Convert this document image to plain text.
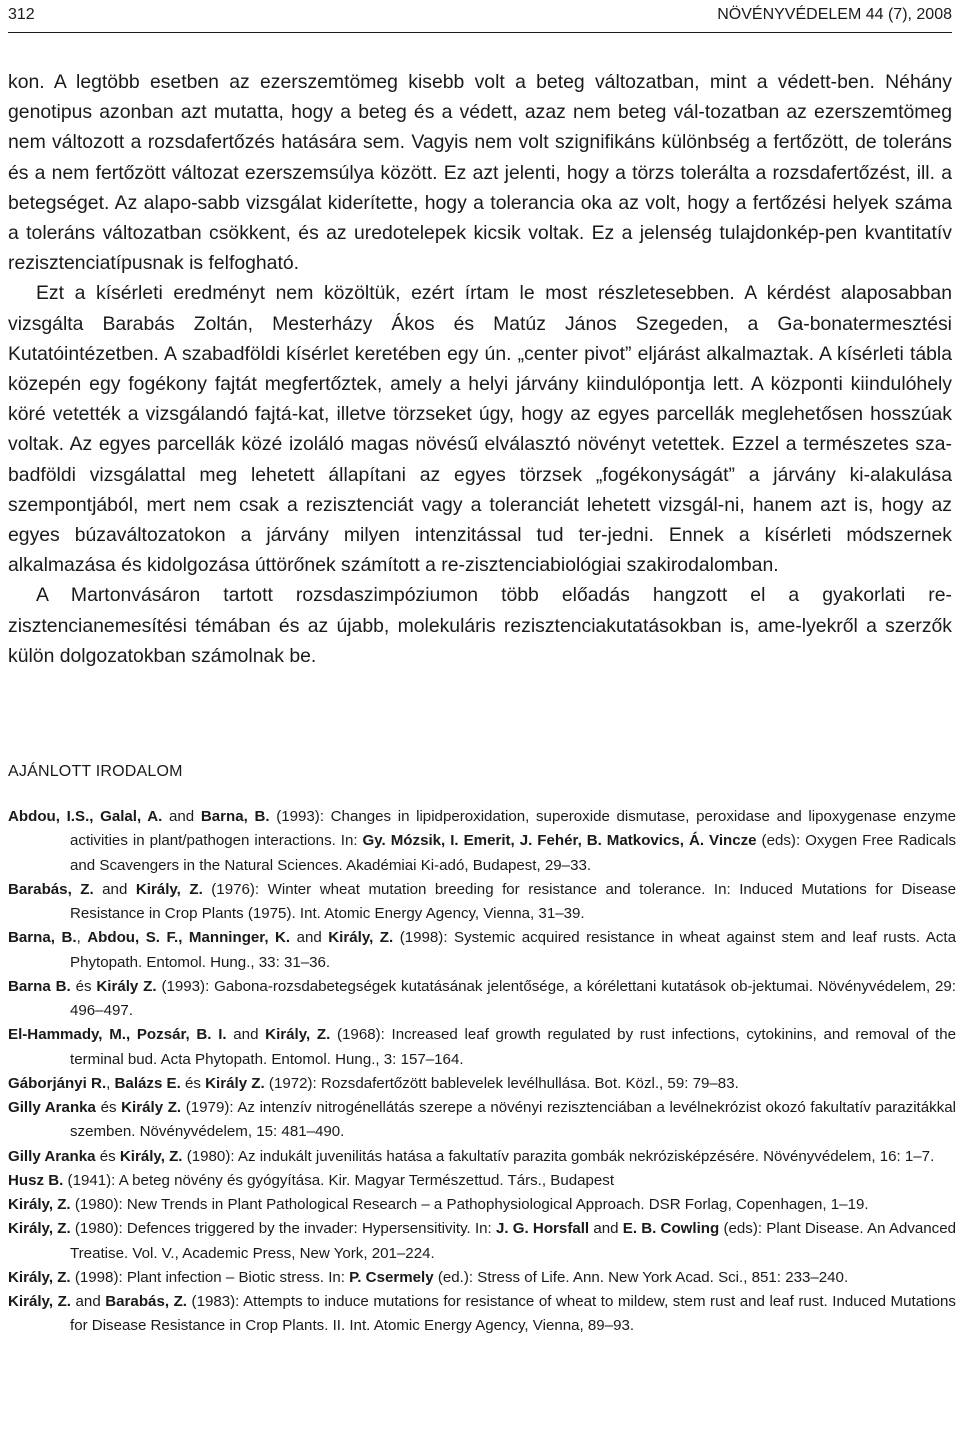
312	NÖVÉNYVÉDELEM 44 (7), 2008

kon. A legtöbb esetben az ezerszemtömeg kisebb volt a beteg változatban, mint a védett-ben. Néhány genotipus azonban azt mutatta, hogy a beteg és a védett, azaz nem beteg vál-tozatban az ezerszemtömeg nem változott a rozsdafertőzés hatására sem. Vagyis nem volt szignifikáns különbség a fertőzött, de toleráns és a nem fertőzött változat ezerszemsúlya között. Ez azt jelenti, hogy a törzs tolerálta a rozsdafertőzést, ill. a betegséget. Az alapo-sabb vizsgálat kiderítette, hogy a tolerancia oka az volt, hogy a fertőzési helyek száma a toleráns változatban csökkent, és az uredotelepek kicsik voltak. Ez a jelenség tulajdonkép-pen kvantitatív rezisztenciatípusnak is felfogható.

Ezt a kísérleti eredményt nem közöltük, ezért írtam le most részletesebben. A kérdést alaposabban vizsgálta Barabás Zoltán, Mesterházy Ákos és Matúz János Szegeden, a Ga-bonatermesztési Kutatóintézetben. A szabadföldi kísérlet keretében egy ún. „center pivot” eljárást alkalmaztak. A kísérleti tábla közepén egy fogékony fajtát megfertőztek, amely a helyi járvány kiindulópontja lett. A központi kiindulóhely köré vetették a vizsgálandó fajtá-kat, illetve törzseket úgy, hogy az egyes parcellák meglehetősen hosszúak voltak. Az egyes parcellák közé izoláló magas növésű elválasztó növényt vetettek. Ezzel a természetes sza-badföldi vizsgálattal meg lehetett állapítani az egyes törzsek „fogékonyságát” a járvány ki-alakulása szempontjából, mert nem csak a rezisztenciát vagy a toleranciát lehetett vizsgál-ni, hanem azt is, hogy az egyes búzaváltozatokon a járvány milyen intenzitással tud ter-jedni. Ennek a kísérleti módszernek alkalmazása és kidolgozása úttörőnek számított a re-zisztenciabiológiai szakirodalomban.

A Martonvásáron tartott rozsdaszimpóziumon több előadás hangzott el a gyakorlati re-zisztencianemesítési témában és az újabb, molekuláris rezisztenciakutatásokban is, ame-lyekről a szerzők külön dolgozatokban számolnak be.

AJÁNLOTT IRODALOM
Abdou, I.S., Galal, A. and Barna, B. (1993): Changes in lipidperoxidation, superoxide dismutase, peroxidase and lipoxygenase enzyme activities in plant/pathogen interactions. In: Gy. Mózsik, I. Emerit, J. Fehér, B. Matkovics, Á. Vincze (eds): Oxygen Free Radicals and Scavengers in the Natural Sciences. Akadémiai Ki-adó, Budapest, 29–33.
Barabás, Z. and Király, Z. (1976): Winter wheat mutation breeding for resistance and tolerance. In: Induced Mutations for Disease Resistance in Crop Plants (1975). Int. Atomic Energy Agency, Vienna, 31–39.
Barna, B., Abdou, S. F., Manninger, K. and Király, Z. (1998): Systemic acquired resistance in wheat against stem and leaf rusts. Acta Phytopath. Entomol. Hung., 33: 31–36.
Barna B. és Király Z. (1993): Gabona-rozsdabetegségek kutatásának jelentősége, a kórélettani kutatások ob-jektumai. Növényvédelem, 29: 496–497.
El-Hammady, M., Pozsár, B. I. and Király, Z. (1968): Increased leaf growth regulated by rust infections, cytokinins, and removal of the terminal bud. Acta Phytopath. Entomol. Hung., 3: 157–164.
Gáborjányi R., Balázs E. és Király Z. (1972): Rozsdafertőzött bablevelek levélhullása. Bot. Közl., 59: 79–83.
Gilly Aranka és Király Z. (1979): Az intenzív nitrogénellátás szerepe a növényi rezisztenciában a levélnekrózist okozó fakultatív parazitákkal szemben. Növényvédelem, 15: 481–490.
Gilly Aranka és Király, Z. (1980): Az indukált juvenilitás hatása a fakultatív parazita gombák nekrózisképzésére. Növényvédelem, 16: 1–7.
Husz B. (1941): A beteg növény és gyógyítása. Kir. Magyar Természettud. Társ., Budapest
Király, Z. (1980): New Trends in Plant Pathological Research – a Pathophysiological Approach. DSR Forlag, Copenhagen, 1–19.
Király, Z. (1980): Defences triggered by the invader: Hypersensitivity. In: J. G. Horsfall and E. B. Cowling (eds): Plant Disease. An Advanced Treatise. Vol. V., Academic Press, New York, 201–224.
Király, Z. (1998): Plant infection – Biotic stress. In: P. Csermely (ed.): Stress of Life. Ann. New York Acad. Sci., 851: 233–240.
Király, Z. and Barabás, Z. (1983): Attempts to induce mutations for resistance of wheat to mildew, stem rust and leaf rust. Induced Mutations for Disease Resistance in Crop Plants. II. Int. Atomic Energy Agency, Vienna, 89–93.
